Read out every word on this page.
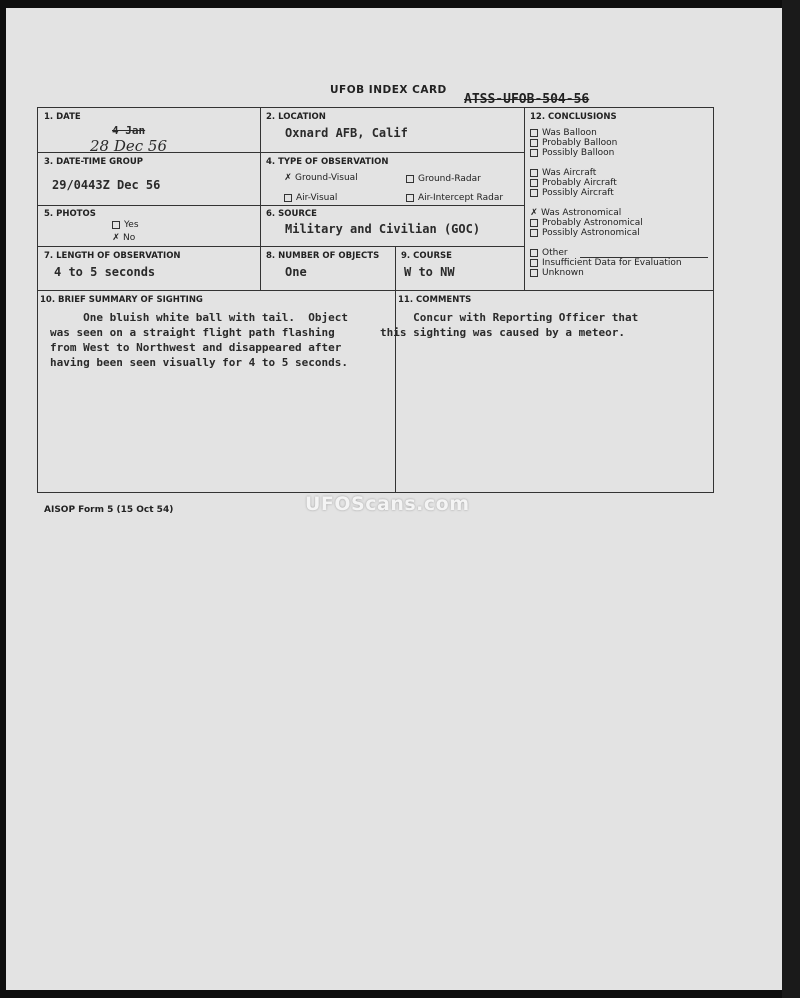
UFOB INDEX CARD
ATSS-UFOB-504-56
1. DATE
4 Jan
28 Dec 56
2. LOCATION
Oxnard AFB, Calif
3. DATE-TIME GROUP
29/0443Z Dec 56
4. TYPE OF OBSERVATION
✗ Ground-Visual	Ground-Radar
Air-Visual	Air-Intercept Radar
5. PHOTOS
Yes
✗ No
6. SOURCE
Military and Civilian (GOC)
7. LENGTH OF OBSERVATION
4 to 5 seconds
8. NUMBER OF OBJECTS
One
9. COURSE
W to NW
12. CONCLUSIONS
Was Balloon
Probably Balloon
Possibly Balloon
Was Aircraft
Probably Aircraft
Possibly Aircraft
✗ Was Astronomical
Probably Astronomical
Possibly Astronomical
Other
Insufficient Data for Evaluation
Unknown
10. BRIEF SUMMARY OF SIGHTING
One bluish white ball with tail.  Object
was seen on a straight flight path flashing
from West to Northwest and disappeared after
having been seen visually for 4 to 5 seconds.
11. COMMENTS
Concur with Reporting Officer that
this sighting was caused by a meteor.
AISOP Form 5 (15 Oct 54)	UFOScans.com
